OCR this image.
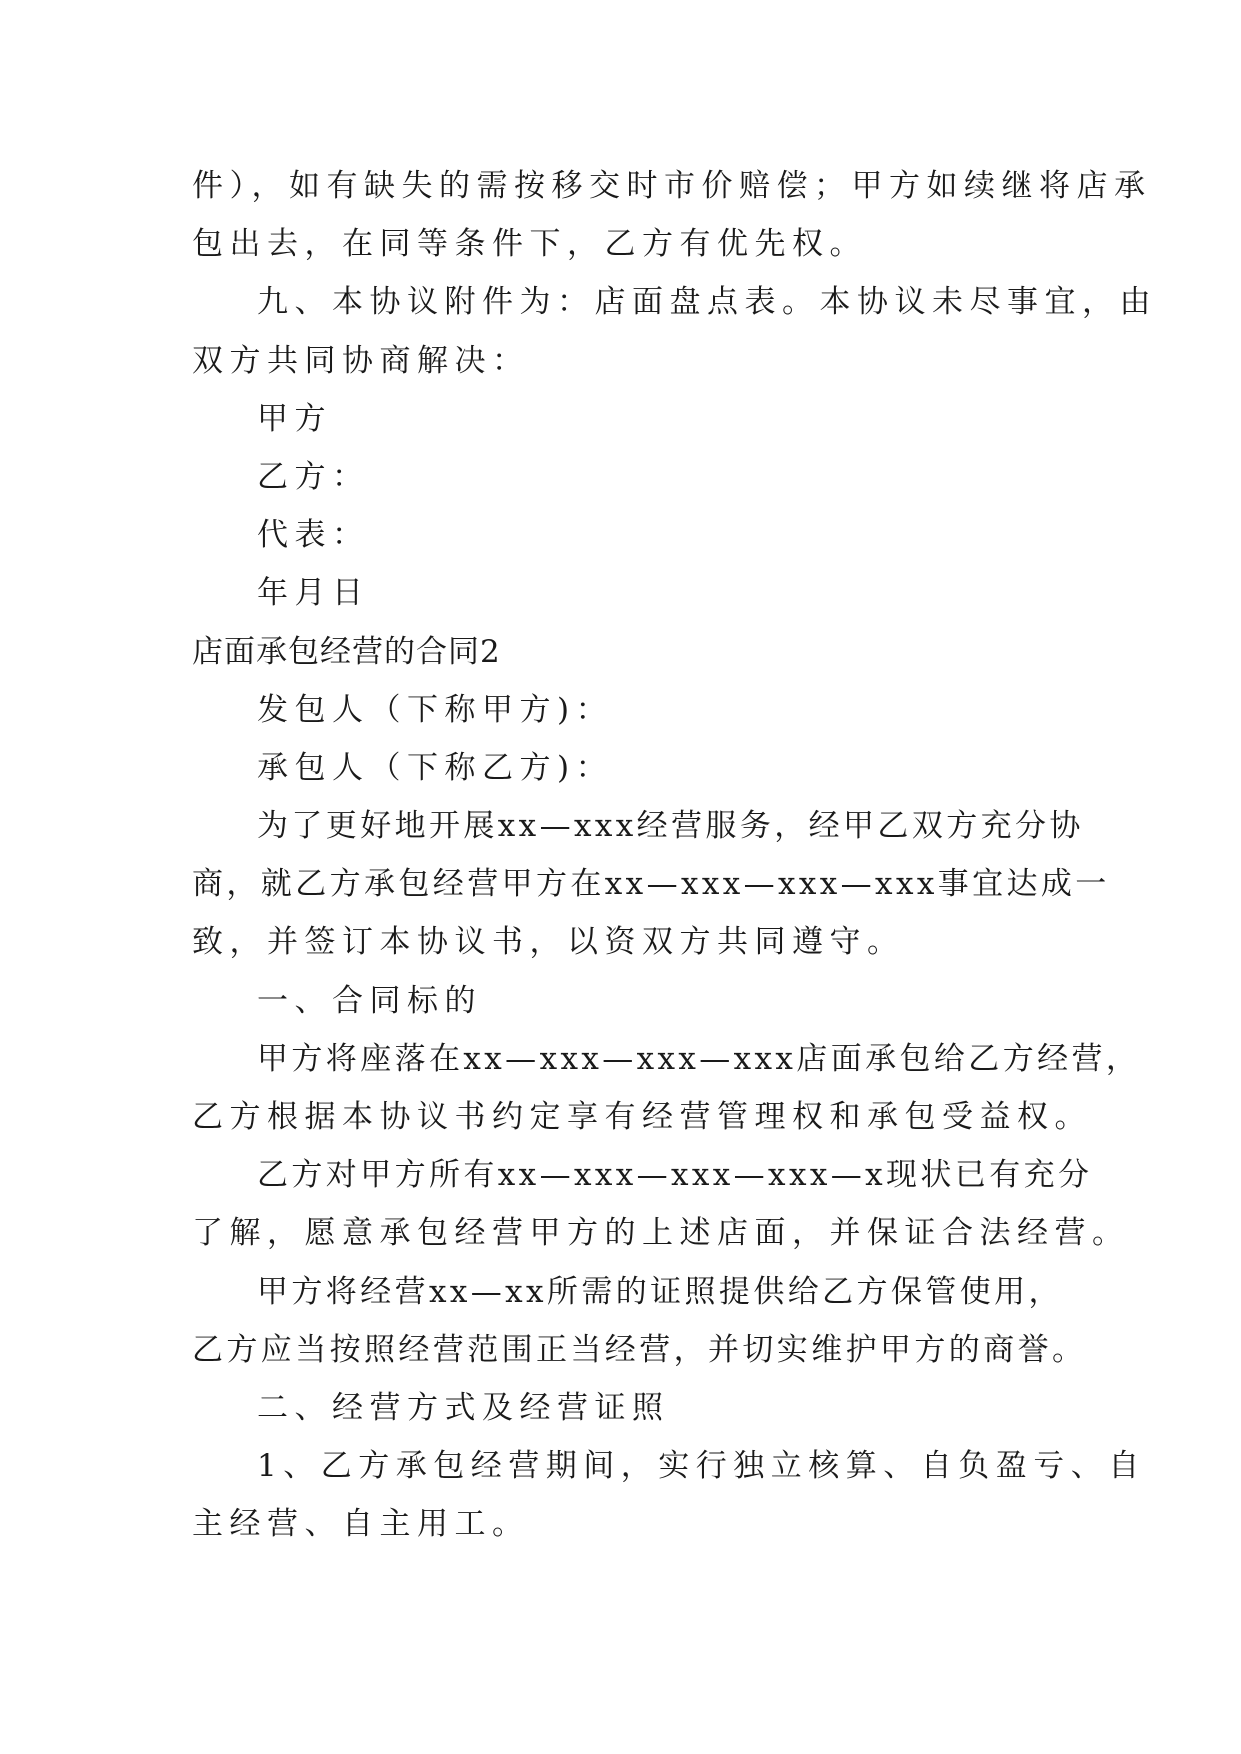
件），如有缺失的需按移交时市价赔偿；甲方如续继将店承
包出去，在同等条件下，乙方有优先权。
九、本协议附件为：店面盘点表。本协议未尽事宜，由
双方共同协商解决：
甲方
乙方：
代表：
年月日
店面承包经营的合同2
发包人（下称甲方)：
承包人（下称乙方)：
为了更好地开展xx—xxx经营服务，经甲乙双方充分协
商，就乙方承包经营甲方在xx—xxx—xxx—xxx事宜达成一
致，并签订本协议书，以资双方共同遵守。
一、合同标的
甲方将座落在xx—xxx—xxx—xxx店面承包给乙方经营，
乙方根据本协议书约定享有经营管理权和承包受益权。
乙方对甲方所有xx—xxx—xxx—xxx—x现状已有充分
了解，愿意承包经营甲方的上述店面，并保证合法经营。
甲方将经营xx—xx所需的证照提供给乙方保管使用，
乙方应当按照经营范围正当经营，并切实维护甲方的商誉。
二、经营方式及经营证照
1、乙方承包经营期间，实行独立核算、自负盈亏、自
主经营、自主用工。
